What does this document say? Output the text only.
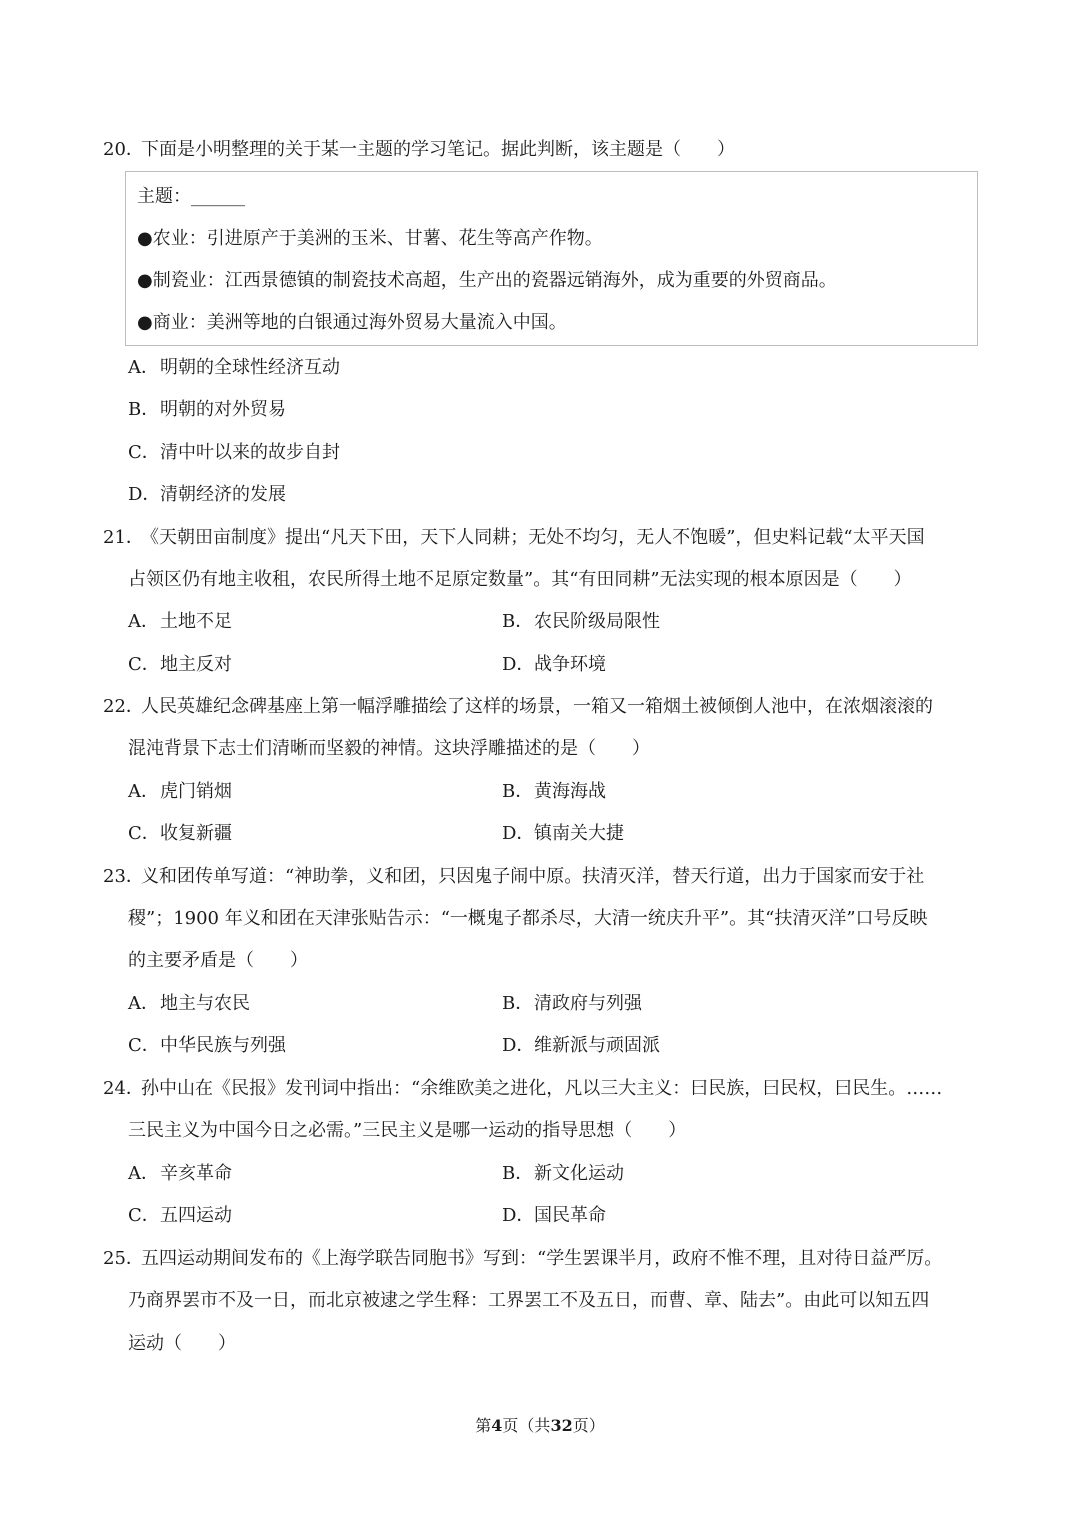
20．
下面是小明整理的关于某一主题的学习笔记。据此判断，该主题是（　　）
主题：______
●农业：引进原产于美洲的玉米、甘薯、花生等高产作物。
●制瓷业：江西景德镇的制瓷技术高超，生产出的瓷器远销海外，成为重要的外贸商品。
●商业：美洲等地的白银通过海外贸易大量流入中国。
A．明朝的全球性经济互动
B．明朝的对外贸易
C．清中叶以来的故步自封
D．清朝经济的发展
21．
《天朝田亩制度》提出“凡天下田，天下人同耕；无处不均匀，无人不饱暖”，但史料记载“太平天国
占领区仍有地主收租，农民所得土地不足原定数量”。其“有田同耕”无法实现的根本原因是（　　）
A．土地不足	B．农民阶级局限性
C．地主反对	D．战争环境
22．
人民英雄纪念碑基座上第一幅浮雕描绘了这样的场景，一箱又一箱烟土被倾倒人池中，在浓烟滚滚的
混沌背景下志士们清晰而坚毅的神情。这块浮雕描述的是（　　）
A．虎门销烟	B．黄海海战
C．收复新疆	D．镇南关大捷
23．
义和团传单写道：“神助拳，义和团，只因鬼子闹中原。扶清灭洋，替天行道，出力于国家而安于社
稷”；1900 年义和团在天津张贴告示：“一概鬼子都杀尽，大清一统庆升平”。其“扶清灭洋”口号反映
的主要矛盾是（　　）
A．地主与农民	B．清政府与列强
C．中华民族与列强	D．维新派与顽固派
24．
孙中山在《民报》发刊词中指出：“余维欧美之进化，凡以三大主义：曰民族，曰民权，曰民生。……
三民主义为中国今日之必需。”三民主义是哪一运动的指导思想（　　）
A．辛亥革命	B．新文化运动
C．五四运动	D．国民革命
25．
五四运动期间发布的《上海学联告同胞书》写到：“学生罢课半月，政府不惟不理，且对待日益严厉。
乃商界罢市不及一日，而北京被逮之学生释：工界罢工不及五日，而曹、章、陆去”。由此可以知五四
运动（　　）
第4页（共32页）
